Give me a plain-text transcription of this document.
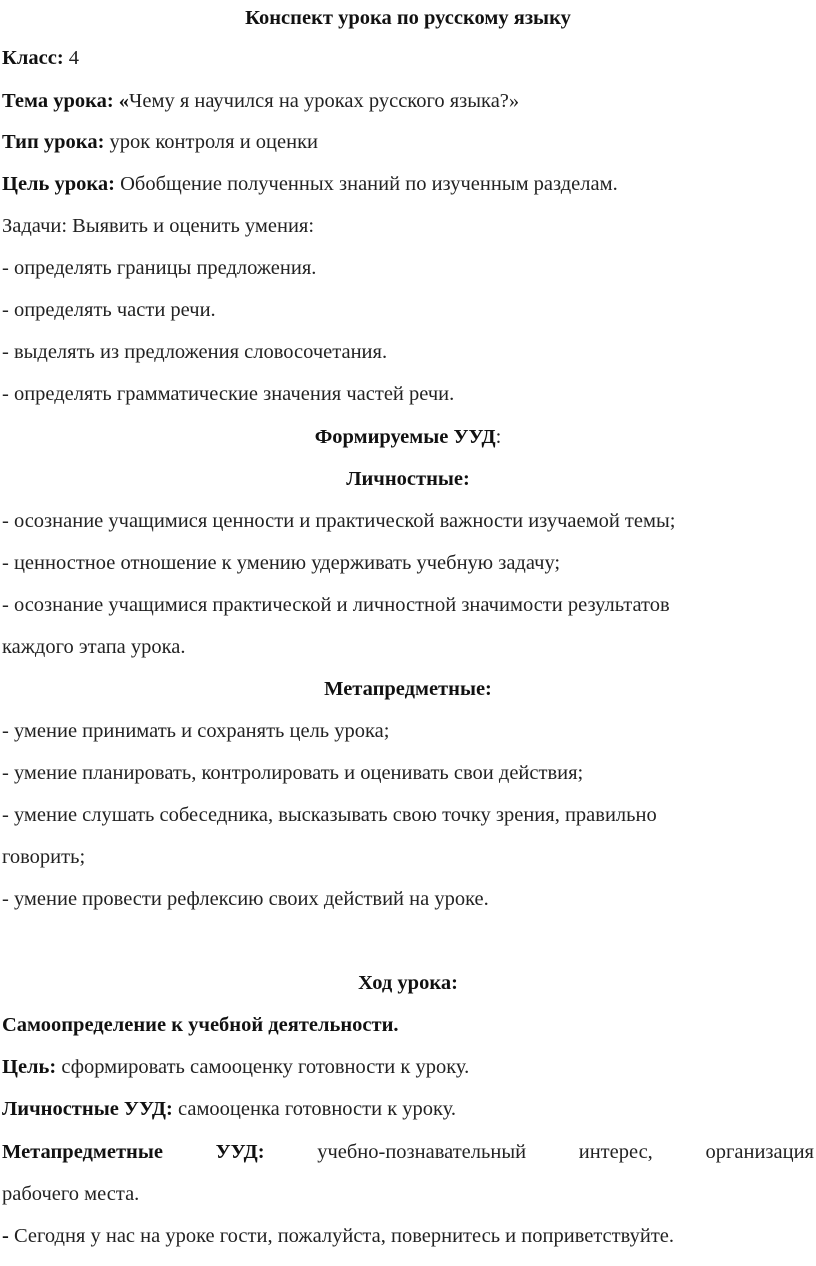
Конспект урока по русскому языку
Класс: 4
Тема урока: «Чему я научился на уроках русского языка?»
Тип урока: урок контроля и оценки
Цель урока: Обобщение полученных знаний по изученным разделам.
Задачи: Выявить и оценить умения:
- определять границы предложения.
- определять части речи.
- выделять из предложения словосочетания.
- определять грамматические значения частей речи.
Формируемые УУД:
Личностные:
- осознание учащимися ценности и практической важности изучаемой темы;
- ценностное отношение к умению удерживать учебную задачу;
- осознание учащимися практической и личностной значимости результатов
каждого этапа урока.
Метапредметные:
- умение принимать и сохранять цель урока;
- умение планировать, контролировать и оценивать свои действия;
- умение слушать собеседника, высказывать свою точку зрения, правильно
говорить;
- умение провести рефлексию своих действий на уроке.
Ход урока:
Самоопределение к учебной деятельности.
Цель: сформировать самооценку готовности к уроку.
Личностные УУД: самооценка готовности к уроку.
Метапредметные	УУД:	учебно-познавательный	интерес,	организация
рабочего места.
- Сегодня у нас на уроке гости, пожалуйста, повернитесь и поприветствуйте.
